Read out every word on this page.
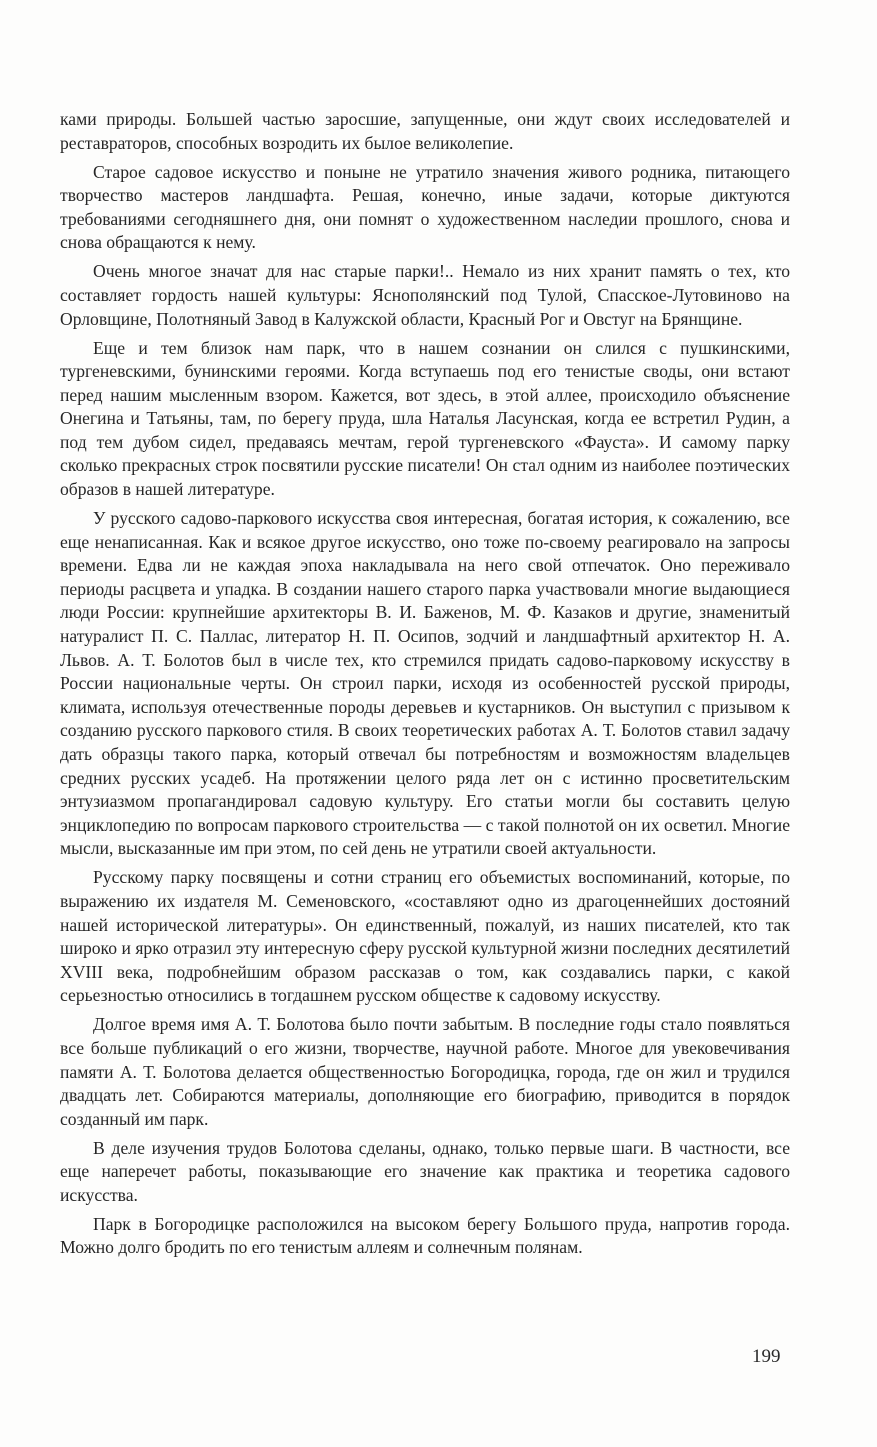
ками природы. Большей частью заросшие, запущенные, они ждут своих исследователей и реставраторов, способных возродить их былое великолепие.

Старое садовое искусство и поныне не утратило значения живого родника, питающего творчество мастеров ландшафта. Решая, конечно, иные задачи, которые диктуются требованиями сегодняшнего дня, они помнят о художественном наследии прошлого, снова и снова обращаются к нему.

Очень многое значат для нас старые парки!.. Немало из них хранит память о тех, кто составляет гордость нашей культуры: Яснополянский под Тулой, Спасское-Лутовиново на Орловщине, Полотняный Завод в Калужской области, Красный Рог и Овстуг на Брянщине.

Еще и тем близок нам парк, что в нашем сознании он слился с пушкинскими, тургеневскими, бунинскими героями. Когда вступаешь под его тенистые своды, они встают перед нашим мысленным взором. Кажется, вот здесь, в этой аллее, происходило объяснение Онегина и Татьяны, там, по берегу пруда, шла Наталья Ласунская, когда ее встретил Рудин, а под тем дубом сидел, предаваясь мечтам, герой тургеневского «Фауста». И самому парку сколько прекрасных строк посвятили русские писатели! Он стал одним из наиболее поэтических образов в нашей литературе.

У русского садово-паркового искусства своя интересная, богатая история, к сожалению, все еще ненаписанная. Как и всякое другое искусство, оно тоже по-своему реагировало на запросы времени. Едва ли не каждая эпоха накладывала на него свой отпечаток. Оно переживало периоды расцвета и упадка. В создании нашего старого парка участвовали многие выдающиеся люди России: крупнейшие архитекторы В. И. Баженов, М. Ф. Казаков и другие, знаменитый натуралист П. С. Паллас, литератор Н. П. Осипов, зодчий и ландшафтный архитектор Н. А. Львов. А. Т. Болотов был в числе тех, кто стремился придать садово-парковому искусству в России национальные черты. Он строил парки, исходя из особенностей русской природы, климата, используя отечественные породы деревьев и кустарников. Он выступил с призывом к созданию русского паркового стиля. В своих теоретических работах А. Т. Болотов ставил задачу дать образцы такого парка, который отвечал бы потребностям и возможностям владельцев средних русских усадеб. На протяжении целого ряда лет он с истинно просветительским энтузиазмом пропагандировал садовую культуру. Его статьи могли бы составить целую энциклопедию по вопросам паркового строительства — с такой полнотой он их осветил. Многие мысли, высказанные им при этом, по сей день не утратили своей актуальности.

Русскому парку посвящены и сотни страниц его объемистых воспоминаний, которые, по выражению их издателя М. Семеновского, «составляют одно из драгоценнейших достояний нашей исторической литературы». Он единственный, пожалуй, из наших писателей, кто так широко и ярко отразил эту интересную сферу русской культурной жизни последних десятилетий XVIII века, подробнейшим образом рассказав о том, как создавались парки, с какой серьезностью относились в тогдашнем русском обществе к садовому искусству.

Долгое время имя А. Т. Болотова было почти забытым. В последние годы стало появляться все больше публикаций о его жизни, творчестве, научной работе. Многое для увековечивания памяти А. Т. Болотова делается общественностью Богородицка, города, где он жил и трудился двадцать лет. Собираются материалы, дополняющие его биографию, приводится в порядок созданный им парк.

В деле изучения трудов Болотова сделаны, однако, только первые шаги. В частности, все еще наперечет работы, показывающие его значение как практика и теоретика садового искусства.

Парк в Богородицке расположился на высоком берегу Большого пруда, напротив города. Можно долго бродить по его тенистым аллеям и солнечным полянам.

199
